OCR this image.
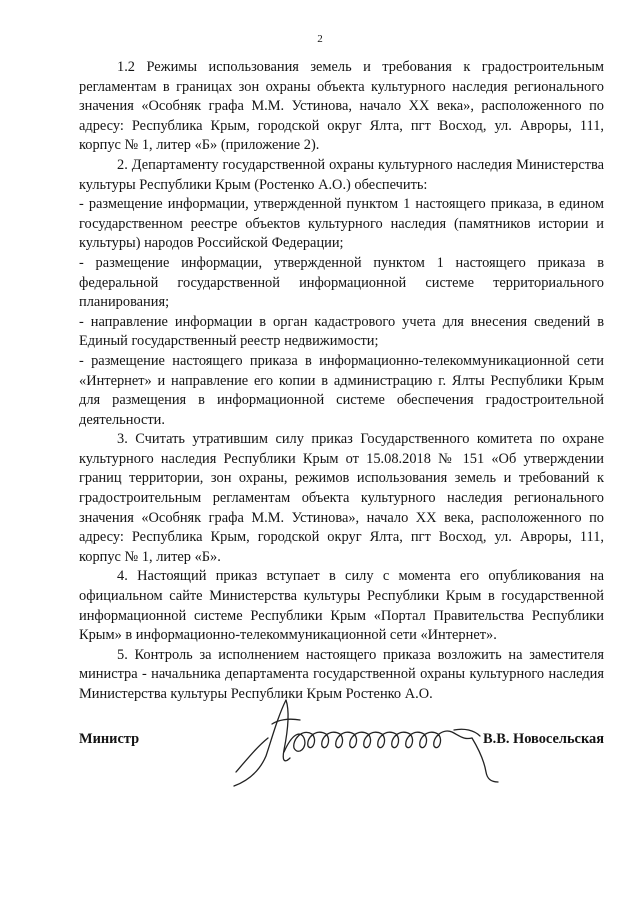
2

1.2 Режимы использования земель и требования к градостроительным регламентам в границах зон охраны объекта культурного наследия регионального значения «Особняк графа М.М. Устинова, начало XX века», расположенного по адресу: Республика Крым, городской округ Ялта, пгт Восход, ул. Авроры, 111, корпус № 1, литер «Б» (приложение 2).

2. Департаменту государственной охраны культурного наследия Министерства культуры Республики Крым (Ростенко А.О.) обеспечить:

- размещение информации, утвержденной пунктом 1 настоящего приказа, в едином государственном реестре объектов культурного наследия (памятников истории и культуры) народов Российской Федерации;

- размещение информации, утвержденной пунктом 1 настоящего приказа в федеральной государственной информационной системе территориального планирования;

- направление информации в орган кадастрового учета для внесения сведений в Единый государственный реестр недвижимости;

- размещение настоящего приказа в информационно-телекоммуникационной сети «Интернет» и направление его копии в администрацию г. Ялты Республики Крым для размещения в информационной системе обеспечения градостроительной деятельности.

3. Считать утратившим силу приказ Государственного комитета по охране культурного наследия Республики Крым от 15.08.2018 № 151 «Об утверждении границ территории, зон охраны, режимов использования земель и требований к градостроительным регламентам объекта культурного наследия регионального значения «Особняк графа М.М. Устинова», начало XX века, расположенного по адресу: Республика Крым, городской округ Ялта, пгт Восход, ул. Авроры, 111, корпус № 1, литер «Б».

4. Настоящий приказ вступает в силу с момента его опубликования на официальном сайте Министерства культуры Республики Крым в государственной информационной системе Республики Крым «Портал Правительства Республики Крым» в информационно-телекоммуникационной сети «Интернет».

5. Контроль за исполнением настоящего приказа возложить на заместителя министра - начальника департамента государственной охраны культурного наследия Министерства культуры Республики Крым Ростенко А.О.

Министр	В.В. Новосельская
